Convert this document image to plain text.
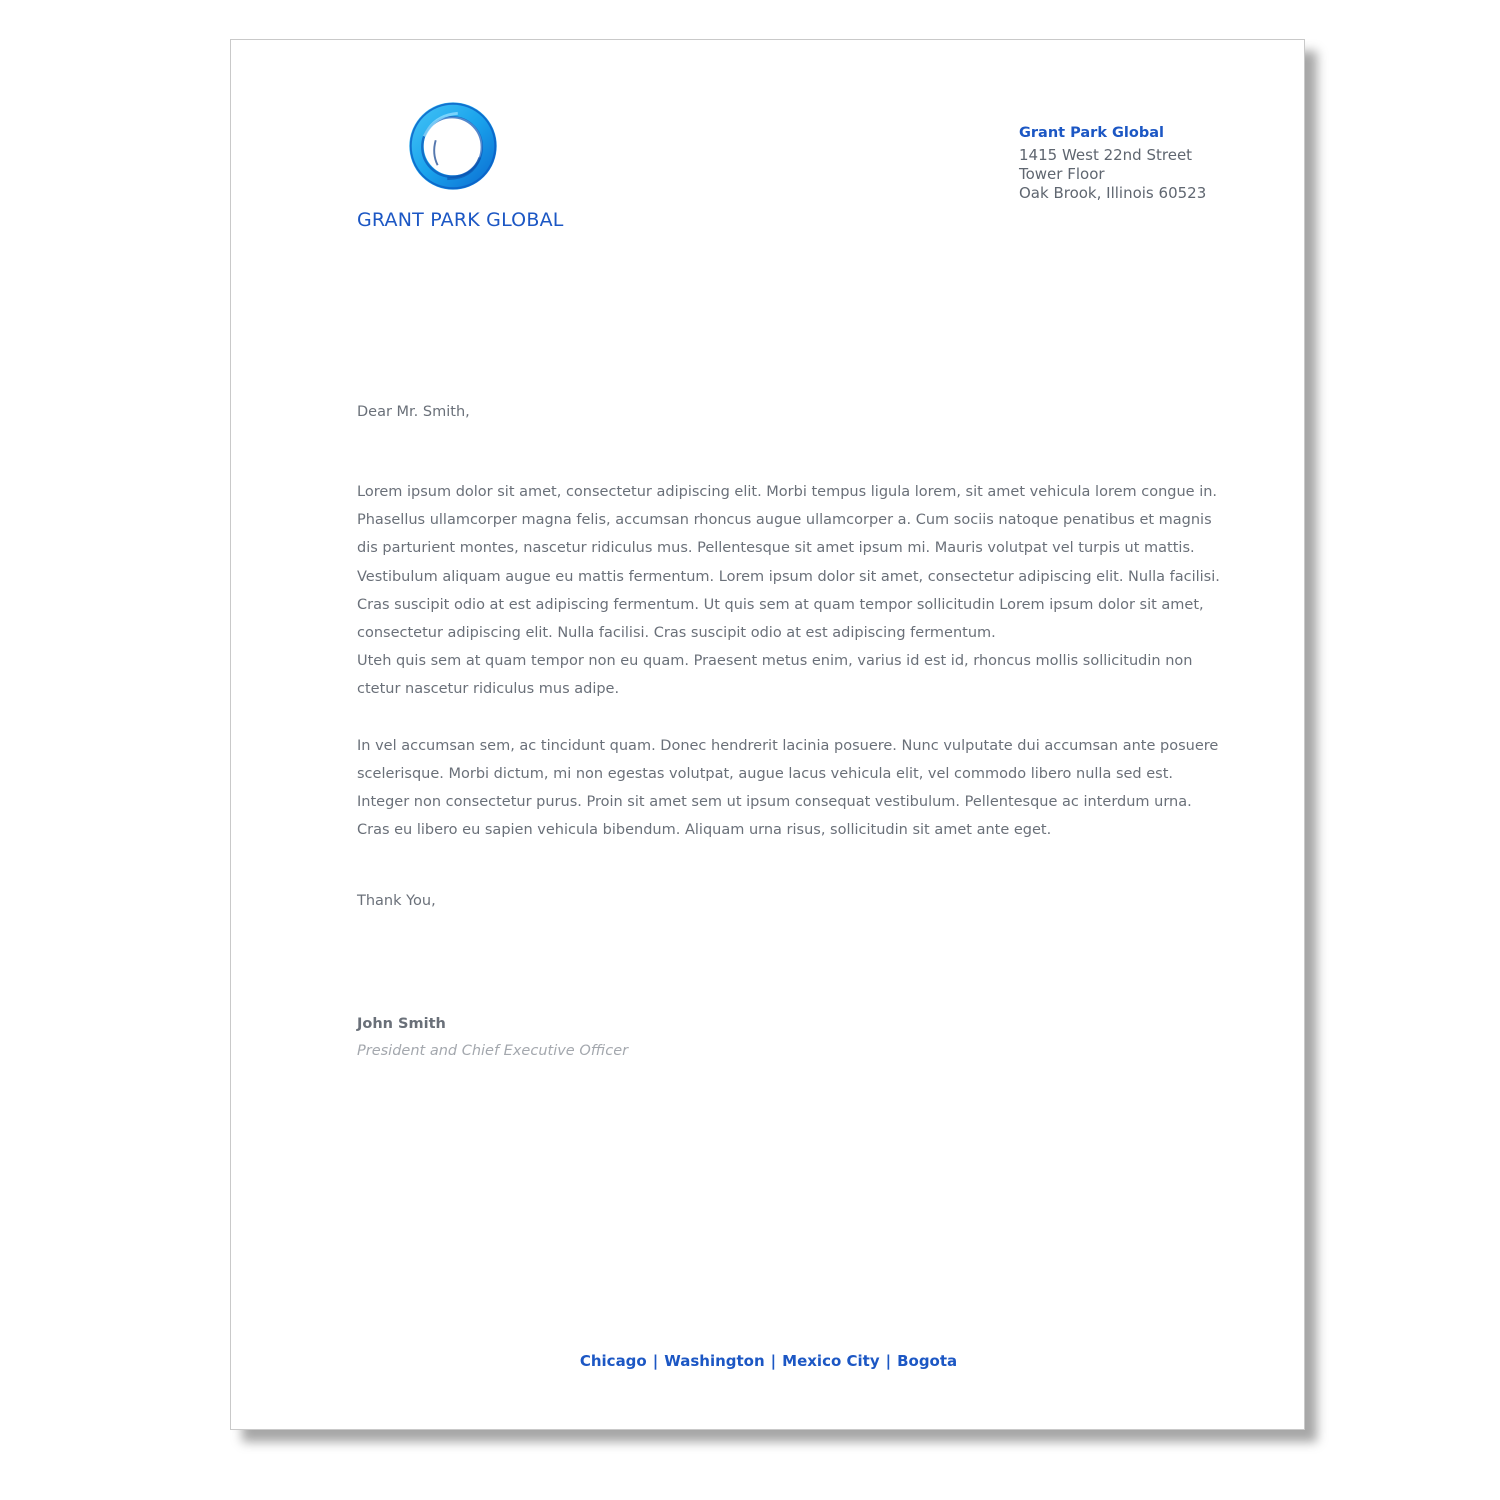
GRANT PARK GLOBAL
Grant Park Global
1415 West 22nd Street
Tower Floor
Oak Brook, Illinois 60523
Dear Mr. Smith,

Lorem ipsum dolor sit amet, consectetur adipiscing elit. Morbi tempus ligula lorem, sit amet vehicula lorem congue in. Phasellus ullamcorper magna felis, accumsan rhoncus augue ullamcorper a. Cum sociis natoque penatibus et magnis dis parturient montes, nascetur ridiculus mus. Pellentesque sit amet ipsum mi. Mauris volutpat vel turpis ut mattis. Vestibulum aliquam augue eu mattis fermentum. Lorem ipsum dolor sit amet, consectetur adipiscing elit. Nulla facilisi. Cras suscipit odio at est adipiscing fermentum. Ut quis sem at quam tempor sollicitudin Lorem ipsum dolor sit amet, consectetur adipiscing elit. Nulla facilisi. Cras suscipit odio at est adipiscing fermentum.

Uteh quis sem at quam tempor non eu quam. Praesent metus enim, varius id est id, rhoncus mollis sollicitudin non ctetur nascetur ridiculus mus adipe.

In vel accumsan sem, ac tincidunt quam. Donec hendrerit lacinia posuere. Nunc vulputate dui accumsan ante posuere scelerisque. Morbi dictum, mi non egestas volutpat, augue lacus vehicula elit, vel commodo libero nulla sed est. Integer non consectetur purus. Proin sit amet sem ut ipsum consequat vestibulum. Pellentesque ac interdum urna. Cras eu libero eu sapien vehicula bibendum. Aliquam urna risus, sollicitudin sit amet ante eget.

Thank You,
John Smith
President and Chief Executive Officer
Chicago | Washington | Mexico City | Bogota
